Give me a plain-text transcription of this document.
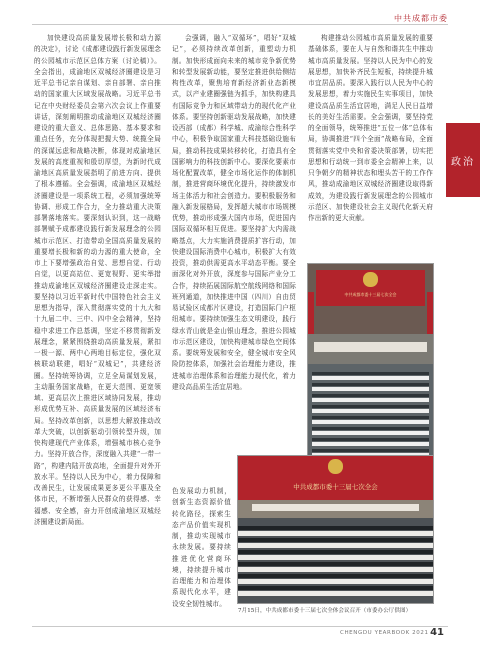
中共成都市委
政治

加快建设高质量发展增长极和动力源的决定》，讨论《成都建设践行新发展理念的公园城市示范区总体方案（讨论稿）》。全会指出，成渝地区双城经济圈建设是习近平总书记亲自谋划、亲自部署、亲自推动的国家重大区域发展战略。习近平总书记在中央财经委员会第六次会议上作重要讲话，深刻阐明推动成渝地区双城经济圈建设的重大意义、总体思路、基本要求和重点任务，充分体现把握大势、统揽全局的深谋远虑和战略决断，体现对成渝地区发展的高度重视和殷切厚望，为新时代成渝地区高质量发展指明了前进方向、提供了根本遵循。全会强调，成渝地区双城经济圈建设是一项系统工程，必须加强统筹协调、形成工作合力，全力推动重大决策部署落地落实。要深刻认识到，这一战略部署赋予成都建设践行新发展理念的公园城市示范区、打造带动全国高质量发展的重要增长极和新的动力源的重大使命，全市上下要增强政治自觉、思想自觉、行动自觉，以更高站位、更宽视野、更实举措推动成渝地区双城经济圈建设走深走实。要坚持以习近平新时代中国特色社会主义思想为指导，深入贯彻落实党的十九大和十九届二中、三中、四中全会精神，坚持稳中求进工作总基调，坚定不移贯彻新发展理念，紧紧围绕推动高质量发展，紧扣一极一源、两中心两地目标定位，强化双核联动联建，唱好“双城记”，共建经济圈。坚持统筹协调，立足全局谋划发展，主动服务国家战略，在更大范围、更宽领域、更高层次上推进区域协同发展，推动形成优势互补、高质量发展的区域经济布局。坚持改革创新，以思想大解放推动改革大突破，以创新驱动引领转型升级，加快构建现代产业体系，增强城市核心竞争力。坚持开放合作，深度融入共建“一带一路”，构建内陆开放高地，全面提升对外开放水平。坚持以人民为中心，着力保障和改善民生，让发展成果更多更公平惠及全体市民，不断增强人民群众的获得感、幸福感、安全感，奋力开创成渝地区双城经济圈建设新局面。

会强调，融入“双循环”，唱好“双城记”，必须持续改革创新，重塑动力机制。加快形成面向未来的城市竞争新优势和转型发展新动能，要坚定推进供给侧结构性改革，聚焦培育新经济新业态新模式，以产业建圈强链为抓手，加快构建具有国际竞争力和区域带动力的现代化产业体系。要坚持创新驱动发展战略，加快建设西部（成都）科学城、成渝综合性科学中心，积极争取国家重大科技基础设施布局，推动科技成果转移转化，打造具有全国影响力的科技创新中心。要深化要素市场化配置改革，健全市场化运作的体制机制，推进营商环境优化提升，持续激发市场主体活力和社会创造力。要积极服务和融入新发展格局，发挥超大城市市场规模优势，推动形成强大国内市场，促进国内国际双循环相互促进。要坚持扩大内需战略基点，大力实施消费提质扩容行动，加快建设国际消费中心城市，积极扩大有效投资，推动供需更高水平动态平衡。要全面深化对外开放，深度参与国际产业分工合作，持续拓展国际航空航线网络和国际班列通道，加快推进中国（四川）自由贸易试验区成都片区建设，打造国际门户枢纽城市。要持续加强生态文明建设，践行绿水青山就是金山银山理念，推进公园城市示范区建设，加快构建城市绿色空间体系。要统筹发展和安全，健全城市安全风险防控体系，加强社会治理能力建设，推进城市治理体系和治理能力现代化，着力建设高品质生活宜居地。

色发展动力机制，创新生态资源价值转化路径，探索生态产品价值实现机制，推动实现城市永续发展。要持续推进优化营商环境，持续提升城市治理能力和治理体系现代化水平，建设安全韧性城市。

构建推动公园城市高质量发展的重要基础体系，要在人与自然和谐共生中推动城市高质量发展。坚持以人民为中心的发展思想，加快补齐民生短板，持续提升城市宜居品质。要深入践行以人民为中心的发展思想，着力实施民生实事项目，加快建设高品质生活宜居地，满足人民日益增长的美好生活需要。全会强调，要坚持党的全面领导，统筹推进“五位一体”总体布局，协调推进“四个全面”战略布局，全面贯彻落实党中央和省委决策部署，切实把思想和行动统一到市委全会精神上来，以只争朝夕的精神状态和埋头苦干的工作作风，推动成渝地区双城经济圈建设取得新成效，为建设践行新发展理念的公园城市示范区、加快建设社会主义现代化新天府作出新的更大贡献。

中共成都市委十三届七次全会
中共成都市委十三届七次全会
7月15日，中共成都市委十三届七次全体会议召开（市委办公厅供图）
CHENGDU YEARBOOK 2021 41
